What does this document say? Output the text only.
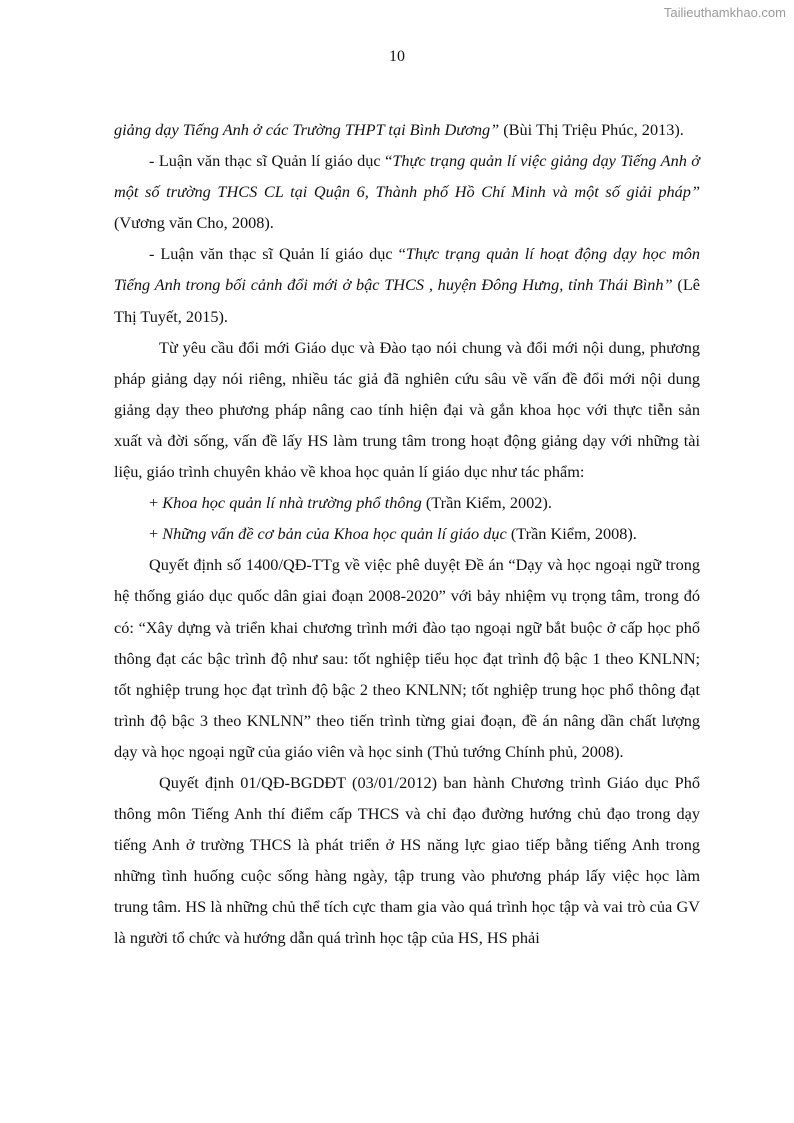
Tailieuthamkhao.com
10

giảng dạy Tiếng Anh ở các Trường THPT tại Bình Dương” (Bùi Thị Triệu Phúc, 2013).

- Luận văn thạc sĩ Quản lí giáo dục “Thực trạng quản lí việc giảng dạy Tiếng Anh ở một số trường THCS CL tại Quận 6, Thành phố Hồ Chí Minh và một số giải pháp” (Vương văn Cho, 2008).

- Luận văn thạc sĩ Quản lí giáo dục “Thực trạng quản lí hoạt động dạy học môn Tiếng Anh trong bối cảnh đổi mới ở bậc THCS , huyện Đông Hưng, tỉnh Thái Bình” (Lê Thị Tuyết, 2015).

Từ yêu cầu đổi mới Giáo dục và Đào tạo nói chung và đổi mới nội dung, phương pháp giảng dạy nói riêng, nhiều tác giả đã nghiên cứu sâu về vấn đề đổi mới nội dung giảng dạy theo phương pháp nâng cao tính hiện đại và gắn khoa học với thực tiễn sản xuất và đời sống, vấn đề lấy HS làm trung tâm trong hoạt động giảng dạy với những tài liệu, giáo trình chuyên khảo về khoa học quản lí giáo dục như tác phẩm:

+ Khoa học quản lí nhà trường phổ thông (Trần Kiểm, 2002).

+ Những vấn đề cơ bản của Khoa học quản lí giáo dục (Trần Kiểm, 2008).

Quyết định số 1400/QĐ-TTg về việc phê duyệt Đề án “Dạy và học ngoại ngữ trong hệ thống giáo dục quốc dân giai đoạn 2008-2020” với bảy nhiệm vụ trọng tâm, trong đó có: “Xây dựng và triển khai chương trình mới đào tạo ngoại ngữ bắt buộc ở cấp học phổ thông đạt các bậc trình độ như sau: tốt nghiệp tiểu học đạt trình độ bậc 1 theo KNLNN; tốt nghiệp trung học đạt trình độ bậc 2 theo KNLNN; tốt nghiệp trung học phổ thông đạt trình độ bậc 3 theo KNLNN” theo tiến trình từng giai đoạn, đề án nâng dần chất lượng dạy và học ngoại ngữ của giáo viên và học sinh (Thủ tướng Chính phủ, 2008).

Quyết định 01/QĐ-BGDĐT (03/01/2012) ban hành Chương trình Giáo dục Phổ thông môn Tiếng Anh thí điểm cấp THCS và chỉ đạo đường hướng chủ đạo trong dạy tiếng Anh ở trường THCS là phát triển ở HS năng lực giao tiếp bằng tiếng Anh trong những tình huống cuộc sống hàng ngày, tập trung vào phương pháp lấy việc học làm trung tâm. HS là những chủ thể tích cực tham gia vào quá trình học tập và vai trò của GV là người tổ chức và hướng dẫn quá trình học tập của HS, HS phải
